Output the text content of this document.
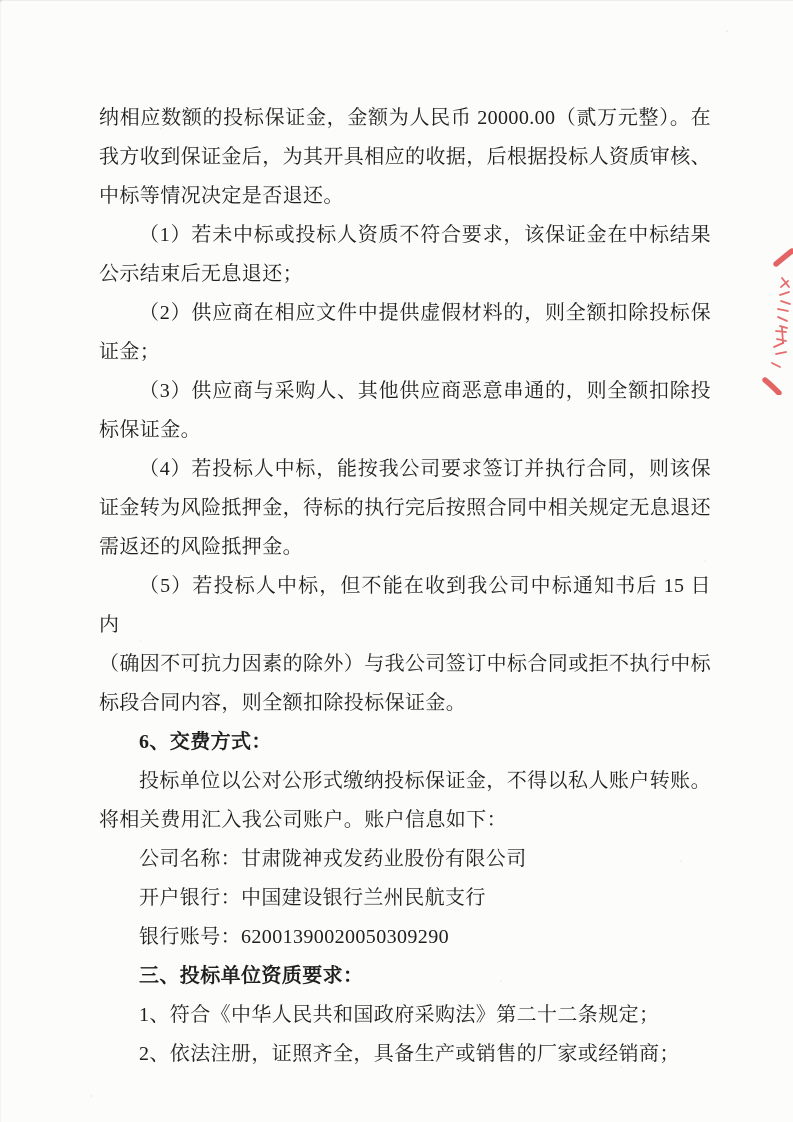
纳相应数额的投标保证金，金额为人民币 20000.00（贰万元整）。在
我方收到保证金后，为其开具相应的收据，后根据投标人资质审核、
中标等情况决定是否退还。
（1）若未中标或投标人资质不符合要求，该保证金在中标结果
公示结束后无息退还；
（2）供应商在相应文件中提供虚假材料的，则全额扣除投标保
证金；
（3）供应商与采购人、其他供应商恶意串通的，则全额扣除投
标保证金。
（4）若投标人中标，能按我公司要求签订并执行合同，则该保
证金转为风险抵押金，待标的执行完后按照合同中相关规定无息退还
需返还的风险抵押金。
（5）若投标人中标，但不能在收到我公司中标通知书后 15 日内
（确因不可抗力因素的除外）与我公司签订中标合同或拒不执行中标
标段合同内容，则全额扣除投标保证金。
6、交费方式：
投标单位以公对公形式缴纳投标保证金，不得以私人账户转账。
将相关费用汇入我公司账户。账户信息如下：
公司名称：甘肃陇神戎发药业股份有限公司
开户银行：中国建设银行兰州民航支行
银行账号：62001390020050309290
三、投标单位资质要求：
1、符合《中华人民共和国政府采购法》第二十二条规定；
2、依法注册，证照齐全，具备生产或销售的厂家或经销商；
